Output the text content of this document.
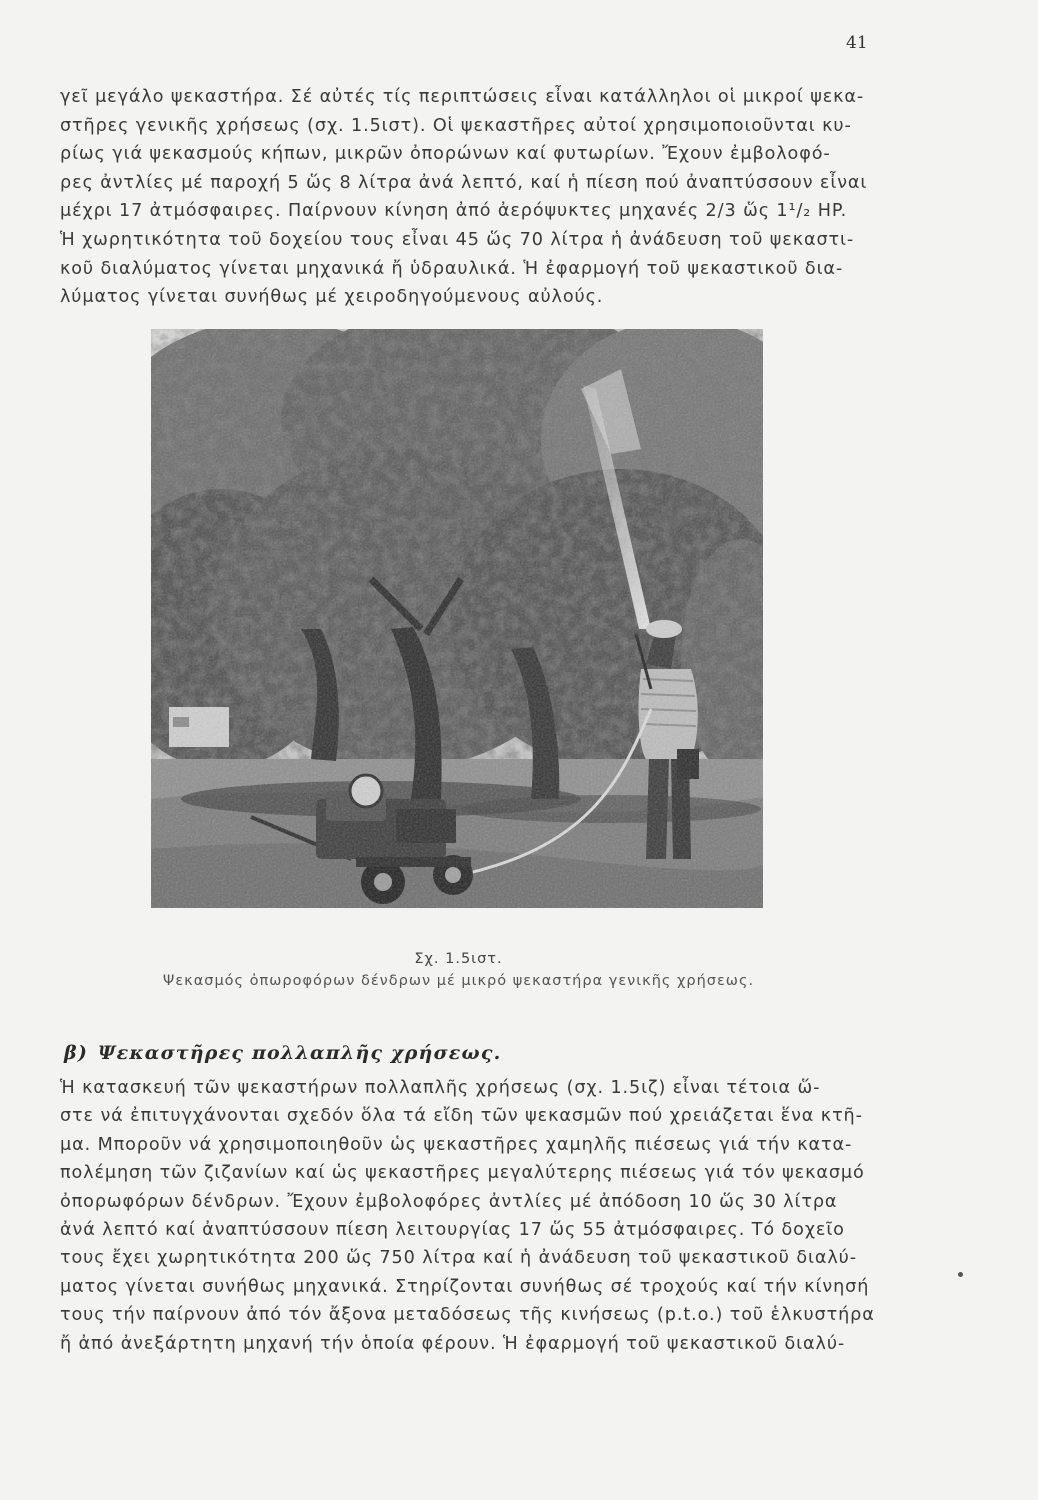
41
γεῖ μεγάλο ψεκαστήρα. Σέ αὐτές τίς περιπτώσεις εἶναι κατάλληλοι οἱ μικροί ψεκα-
στῆρες γενικῆς χρήσεως (σχ. 1.5ιστ). Οἱ ψεκαστῆρες αὐτοί χρησιμοποιοῦνται κυ-
ρίως γιά ψεκασμούς κήπων, μικρῶν ὀπορώνων καί φυτωρίων. Ἔχουν ἐμβολοφό-
ρες ἀντλίες μέ παροχή 5 ὥς 8 λίτρα ἀνά λεπτό, καί ἡ πίεση πού ἀναπτύσσουν εἶναι
μέχρι 17 ἀτμόσφαιρες. Παίρνουν κίνηση ἀπό ἀερόψυκτες μηχανές 2/3 ὥς 1¹/₂ HP.
Ἡ χωρητικότητα τοῦ δοχείου τους εἶναι 45 ὥς 70 λίτρα ἡ ἀνάδευση τοῦ ψεκαστι-
κοῦ διαλύματος γίνεται μηχανικά ἤ ὑδραυλικά. Ἡ ἐφαρμογή τοῦ ψεκαστικοῦ δια-
λύματος γίνεται συνήθως μέ χειροδηγούμενους αὐλούς.
Σχ. 1.5ιστ.
Ψεκασμός ὀπωροφόρων δένδρων μέ μικρό ψεκαστήρα γενικῆς χρήσεως.
β) Ψεκαστῆρες πολλαπλῆς χρήσεως.
Ἡ κατασκευή τῶν ψεκαστήρων πολλαπλῆς χρήσεως (σχ. 1.5ιζ) εἶναι τέτοια ὥ-
στε νά ἐπιτυγχάνονται σχεδόν ὅλα τά εἴδη τῶν ψεκασμῶν πού χρειάζεται ἕνα κτῆ-
μα. Μποροῦν νά χρησιμοποιηθοῦν ὡς ψεκαστῆρες χαμηλῆς πιέσεως γιά τήν κατα-
πολέμηση τῶν ζιζανίων καί ὡς ψεκαστῆρες μεγαλύτερης πιέσεως γιά τόν ψεκασμό
ὀπορωφόρων δένδρων. Ἔχουν ἐμβολοφόρες ἀντλίες μέ ἀπόδοση 10 ὥς 30 λίτρα
ἀνά λεπτό καί ἀναπτύσσουν πίεση λειτουργίας 17 ὥς 55 ἀτμόσφαιρες. Τό δοχεῖο
τους ἔχει χωρητικότητα 200 ὥς 750 λίτρα καί ἡ ἀνάδευση τοῦ ψεκαστικοῦ διαλύ-
ματος γίνεται συνήθως μηχανικά. Στηρίζονται συνήθως σέ τροχούς καί τήν κίνησή
τους τήν παίρνουν ἀπό τόν ἄξονα μεταδόσεως τῆς κινήσεως (p.t.o.) τοῦ ἑλκυστήρα
ἤ ἀπό ἀνεξάρτητη μηχανή τήν ὁποία φέρουν. Ἡ ἐφαρμογή τοῦ ψεκαστικοῦ διαλύ-
